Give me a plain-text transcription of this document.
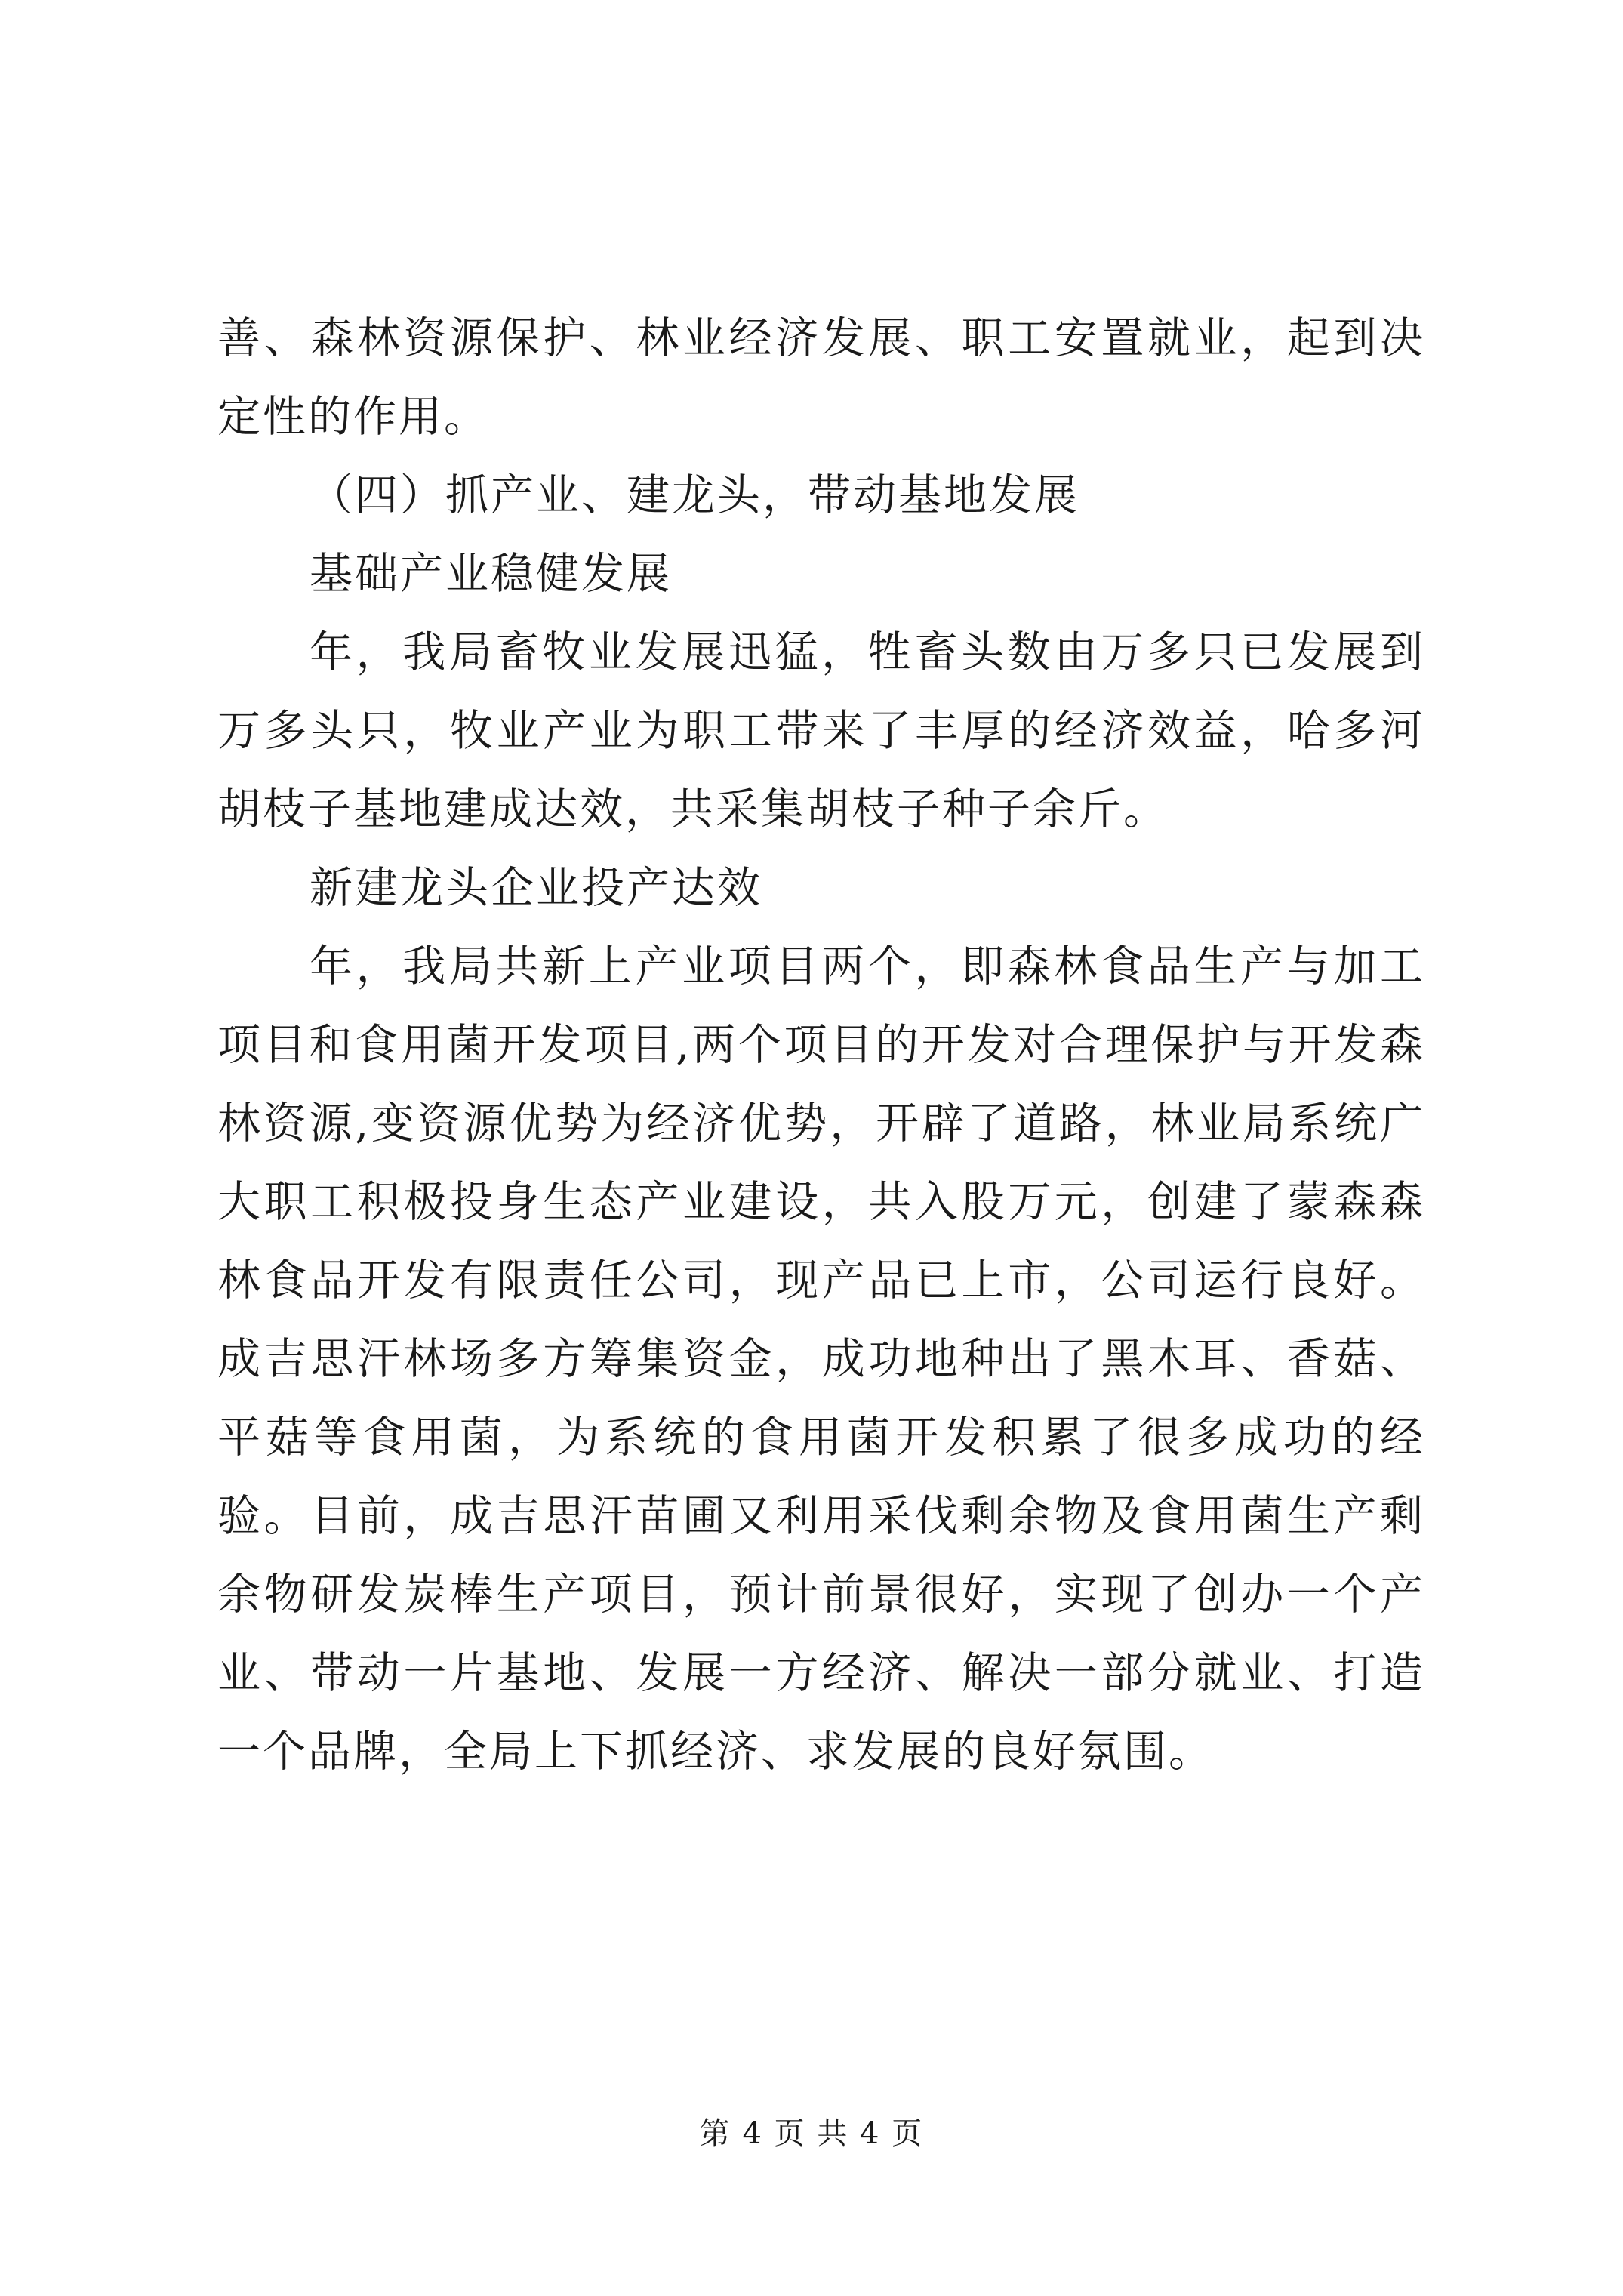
善、森林资源保护、林业经济发展、职工安置就业，起到决定性的作用。

（四）抓产业、建龙头，带动基地发展

基础产业稳健发展

年，我局畜牧业发展迅猛，牲畜头数由万多只已发展到万多头只，牧业产业为职工带来了丰厚的经济效益，哈多河胡枝子基地建成达效，共采集胡枝子种子余斤。

新建龙头企业投产达效

年，我局共新上产业项目两个，即森林食品生产与加工项目和食用菌开发项目,两个项目的开发对合理保护与开发森林资源,变资源优势为经济优势，开辟了道路，林业局系统广大职工积极投身生态产业建设，共入股万元，创建了蒙森森林食品开发有限责任公司，现产品已上市，公司运行良好。成吉思汗林场多方筹集资金，成功地种出了黑木耳、香菇、平菇等食用菌，为系统的食用菌开发积累了很多成功的经验。目前，成吉思汗苗圃又利用采伐剩余物及食用菌生产剩余物研发炭棒生产项目，预计前景很好，实现了创办一个产业、带动一片基地、发展一方经济、解决一部分就业、打造一个品牌，全局上下抓经济、求发展的良好氛围。

第 4 页 共 4 页
